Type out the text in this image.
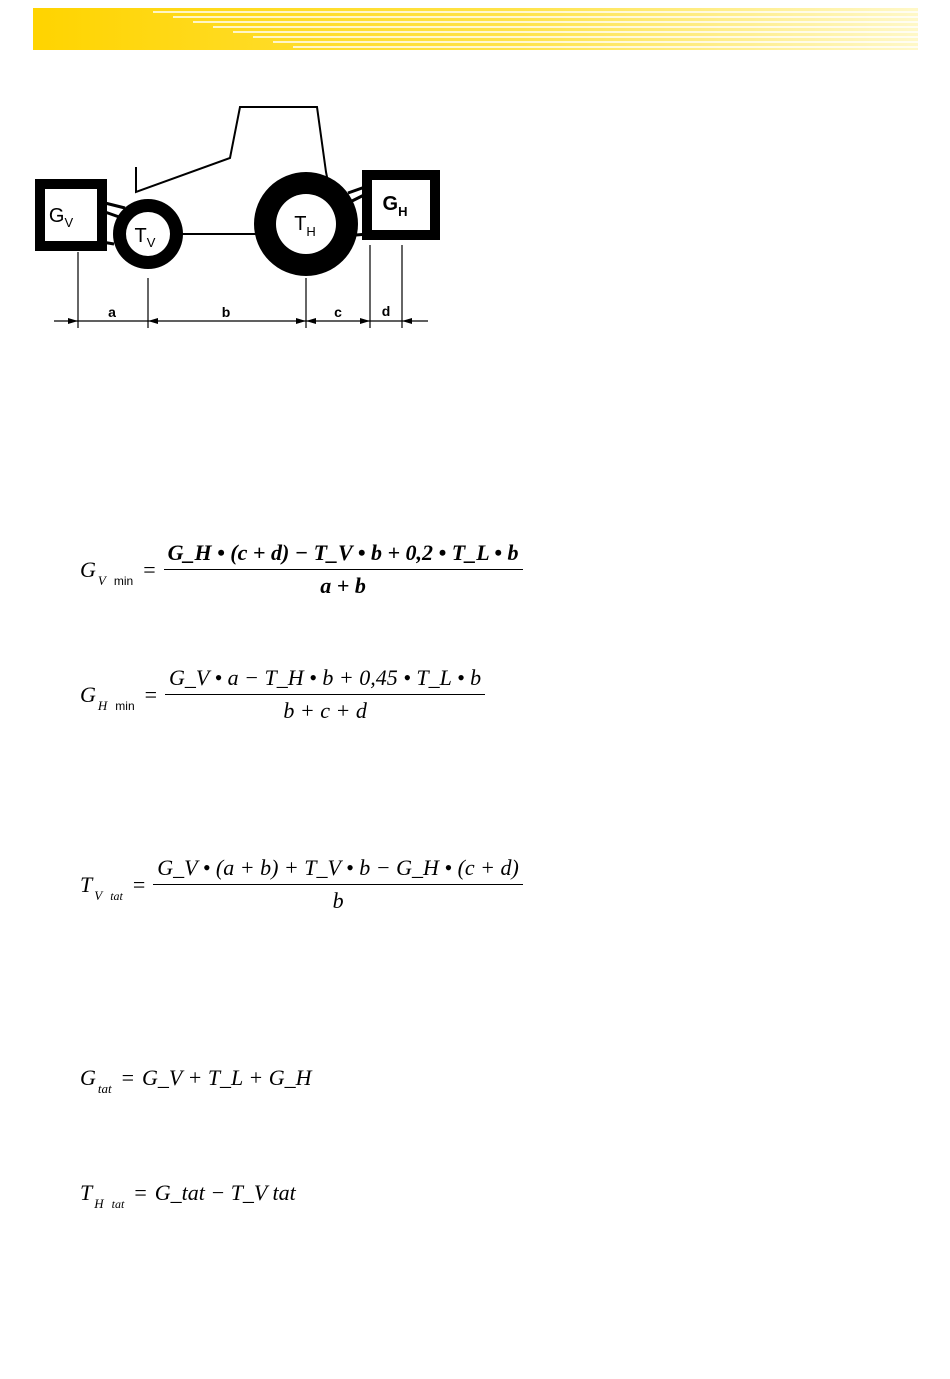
$G_V$
$G_H$
$T_V$
$T_H$
a	b	c	d
G V $\min = \frac{G\_H • (c + d) - T\_V • b + 0,2 • T\_L • b}{a + b}$
G H $\min = \frac{G\_V • a - T\_H • b + 0,45 • T\_L • b}{b + c + d}$
T V tat = $\frac{G\_V • (a + b) + T\_V • b - G\_H • (c + d)}{b}$
G tat = G_V + T_L + G_H
T H tat = G_tat − T_V tat
